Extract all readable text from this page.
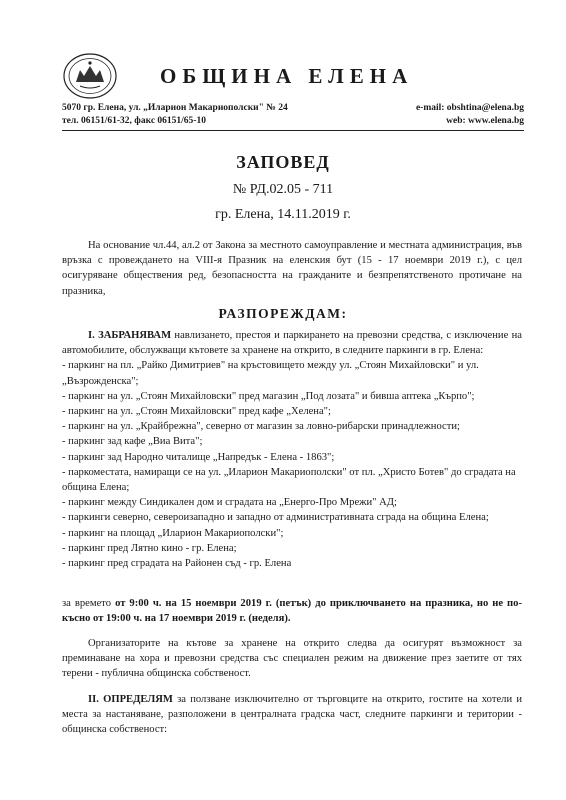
ОБЩИНА ЕЛЕНА
5070 гр. Елена, ул. „Иларион Макариополски" № 24
тел. 06151/61-32, факс 06151/65-10
e-mail: obshtina@elena.bg
web: www.elena.bg
ЗАПОВЕД
№ РД.02.05 - 711
гр. Елена, 14.11.2019 г.
На основание чл.44, ал.2 от Закона за местното самоуправление и местната администрация, във връзка с провеждането на VIII-я Празник на еленския бут (15 - 17 ноември 2019 г.), с цел осигуряване обществения ред, безопасността на гражданите и безпрепятственото протичане на празника,
РАЗПОРЕЖДАМ:
I. ЗАБРАНЯВАМ навлизането, престоя и паркирането на превозни средства, с изключение на автомобилите, обслужващи кътовете за хранене на открито, в следните паркинги в гр. Елена:
- паркинг на пл. „Райко Димитриев" на кръстовището между ул. „Стоян Михайловски" и ул. „Възрожденска";
- паркинг на ул. „Стоян Михайловски" пред магазин „Под лозата" и бивша аптека „Кърпо";
- паркинг на ул. „Стоян Михайловски" пред кафе „Хелена";
- паркинг на ул. „Крайбрежна", северно от магазин за ловно-рибарски принадлежности;
- паркинг зад кафе „Виа Вита";
- паркинг зад Народно читалище „Напредък - Елена - 1863";
- паркоместата, намиращи се на ул. „Иларион Макариополски" от пл. „Христо Ботев" до сградата на община Елена;
- паркинг между Синдикален дом и сградата на „Енерго-Про Мрежи" АД;
- паркинги северно, североизападно и западно от административната сграда на община Елена;
- паркинг на площад „Иларион Макариополски";
- паркинг пред Лятно кино - гр. Елена;
- паркинг пред сградата на Районен съд - гр. Елена
за времето от 9:00 ч. на 15 ноември 2019 г. (петък) до приключването на празника, но не по-късно от 19:00 ч. на 17 ноември 2019 г. (неделя).
Организаторите на кътове за хранене на открито следва да осигурят възможност за преминаване на хора и превозни средства със специален режим на движение през заетите от тях терени - публична общинска собственост.
II. ОПРЕДЕЛЯМ за ползване изключително от търговците на открито, гостите на хотели и места за настаняване, разположени в централната градска част, следните паркинги и територии - общинска собственост:
